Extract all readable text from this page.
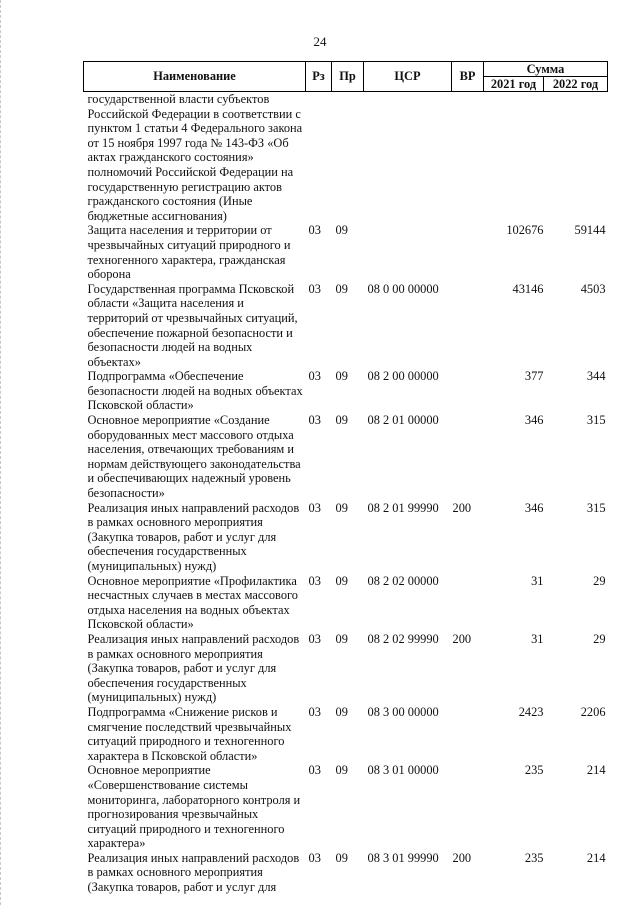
24
Наименование	Рз	Пр	ЦСР	ВР	Сумма	
					2021 год	2022 год
государственной власти субъектов Российской Федерации в соответствии с пунктом 1 статьи 4 Федерального закона от 15 ноября 1997 года № 143-ФЗ «Об актах гражданского состояния» полномочий Российской Федерации на государственную регистрацию актов гражданского состояния (Иные бюджетные ассигнования)						
Защита населения и территории от чрезвычайных ситуаций природного и техногенного характера, гражданская оборона	03	09			102676	59144
Государственная программа Псковской области «Защита населения и территорий от чрезвычайных ситуаций, обеспечение пожарной безопасности и безопасности людей на водных объектах»	03	09	08 0 00 00000		43146	4503
Подпрограмма «Обеспечение безопасности людей на водных объектах Псковской области»	03	09	08 2 00 00000		377	344
Основное мероприятие «Создание оборудованных мест массового отдыха населения, отвечающих требованиям и нормам действующего законодательства и обеспечивающих надежный уровень безопасности»	03	09	08 2 01 00000		346	315
Реализация иных направлений расходов в рамках основного мероприятия (Закупка товаров, работ и услуг для обеспечения государственных (муниципальных) нужд)	03	09	08 2 01 99990	200	346	315
Основное мероприятие «Профилактика несчастных случаев в местах массового отдыха населения на водных объектах Псковской области»	03	09	08 2 02 00000		31	29
Реализация иных направлений расходов в рамках основного мероприятия (Закупка товаров, работ и услуг для обеспечения государственных (муниципальных) нужд)	03	09	08 2 02 99990	200	31	29
Подпрограмма «Снижение рисков и смягчение последствий чрезвычайных ситуаций природного и техногенного характера в Псковской области»	03	09	08 3 00 00000		2423	2206
Основное мероприятие «Совершенствование системы мониторинга, лабораторного контроля и прогнозирования чрезвычайных ситуаций природного и техногенного характера»	03	09	08 3 01 00000		235	214
Реализация иных направлений расходов в рамках основного мероприятия (Закупка товаров, работ и услуг для	03	09	08 3 01 99990	200	235	214
